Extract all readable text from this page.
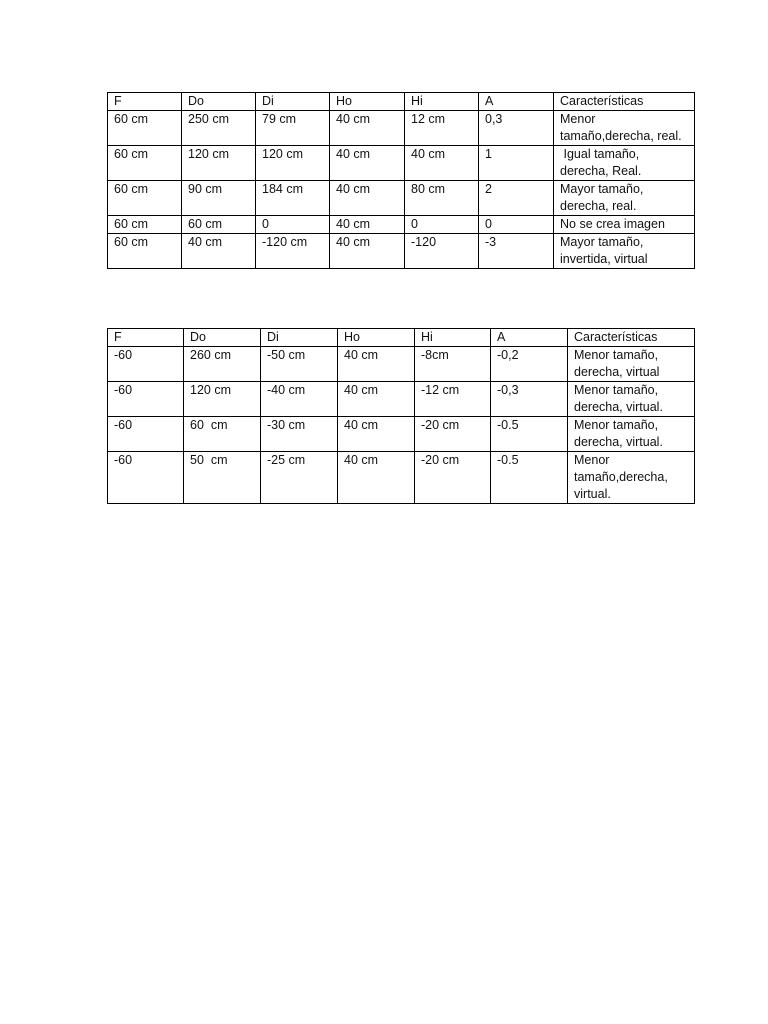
F	Do	Di	Ho	Hi	A	Características
60 cm	250 cm	79 cm	40 cm	12 cm	0,3	Menor tamaño,derecha, real.
60 cm	120 cm	120 cm	40 cm	40 cm	1	Igual tamaño, derecha, Real.
60 cm	90 cm	184 cm	40 cm	80 cm	2	Mayor tamaño, derecha, real.
60 cm	60 cm	0	40 cm	0	0	No se crea imagen
60 cm	40 cm	-120 cm	40 cm	-120	-3	Mayor tamaño, invertida, virtual
F	Do	Di	Ho	Hi	A	Características
-60	260 cm	-50 cm	40 cm	-8cm	-0,2	Menor tamaño, derecha, virtual
-60	120 cm	-40 cm	40 cm	-12 cm	-0,3	Menor tamaño, derecha, virtual.
-60	60  cm	-30 cm	40 cm	-20 cm	-0.5	Menor tamaño, derecha, virtual.
-60	50  cm	-25 cm	40 cm	-20 cm	-0.5	Menor tamaño,derecha, virtual.
